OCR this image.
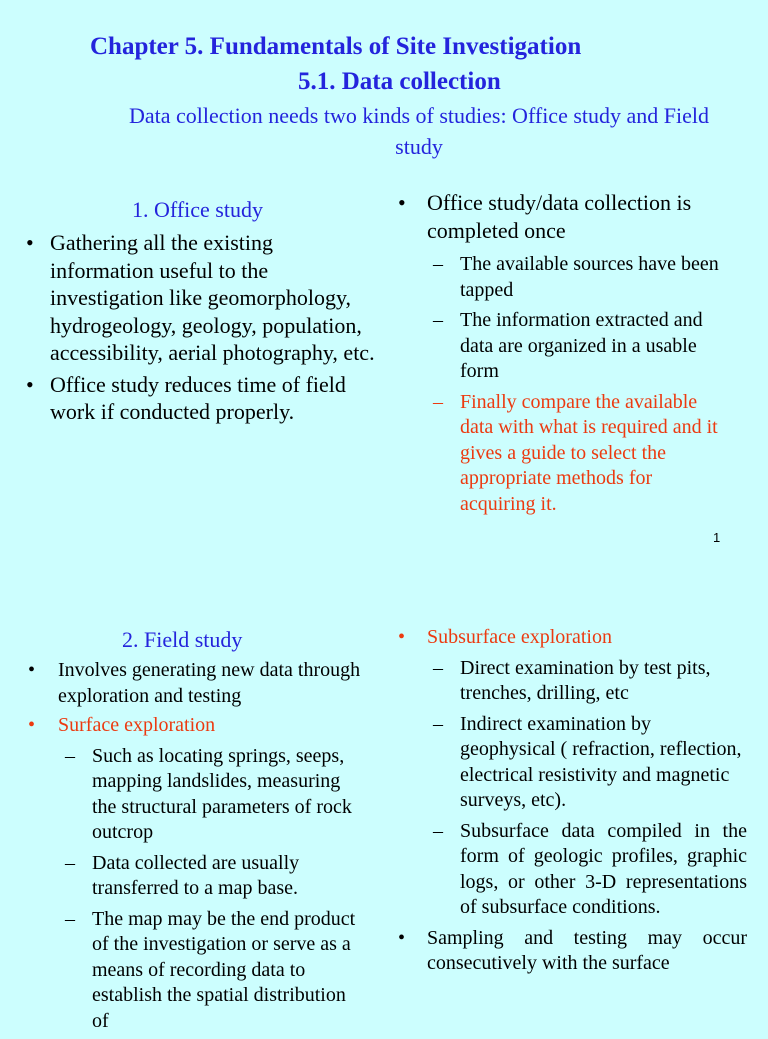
Chapter 5. Fundamentals of Site Investigation
5.1. Data collection
Data collection needs two kinds of studies: Office study and Field study
1. Office study
• Gathering all the existing information useful to the investigation like geomorphology, hydrogeology, geology, population, accessibility, aerial photography, etc.
• Office study reduces time of field work if conducted properly.
• Office study/data collection is completed once
– The available sources have been tapped
– The information extracted and data are organized in a usable form
– Finally compare the available data with what is required and it gives a guide to select the appropriate methods for acquiring it.
1
2. Field study
• Involves generating new data through exploration and testing
• Surface exploration
– Such as locating springs, seeps, mapping landslides, measuring the structural parameters of rock outcrop
– Data collected are usually transferred to a map base.
– The map may be the end product of the investigation or serve as a means of recording data to establish the spatial distribution of
• Subsurface exploration
– Direct examination by test pits, trenches, drilling, etc
– Indirect examination by geophysical ( refraction, reflection, electrical resistivity and magnetic surveys, etc).
– Subsurface data compiled in the form of geologic profiles, graphic logs, or other 3-D representations of subsurface conditions.
• Sampling and testing may occur consecutively with the surface
